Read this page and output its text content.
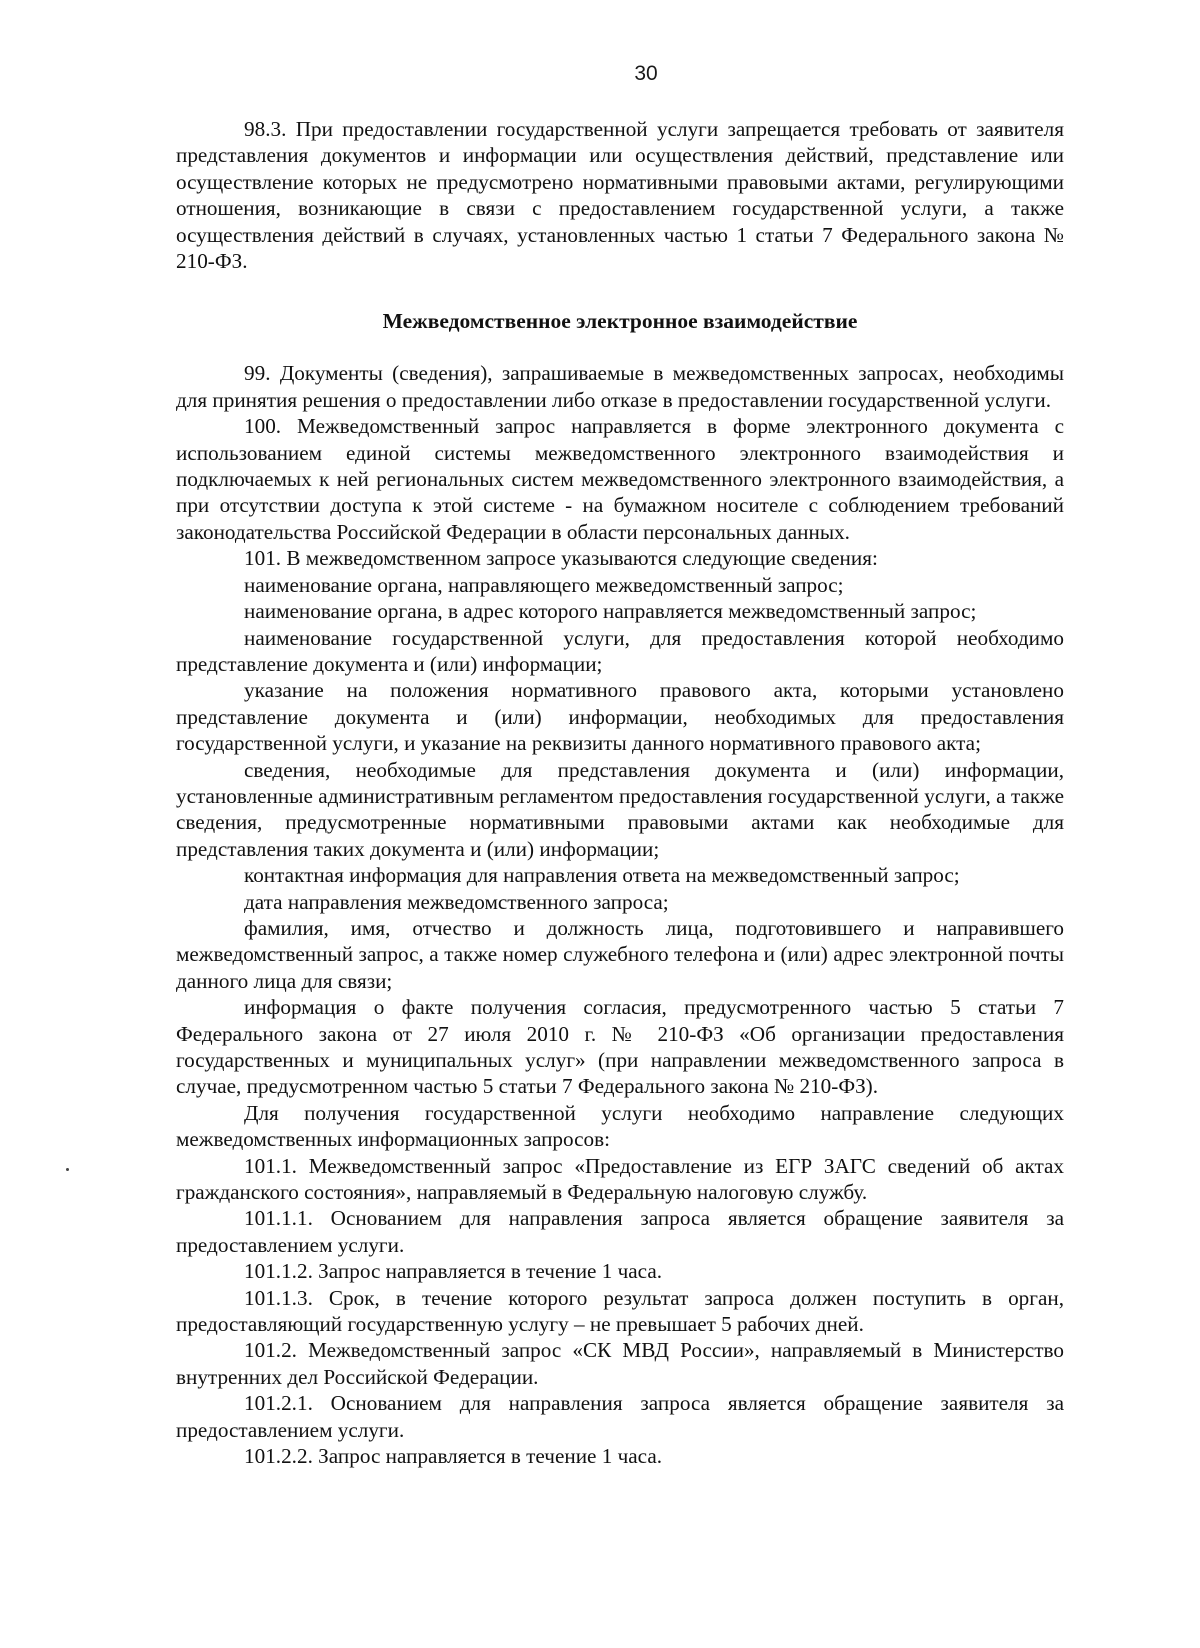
30

98.3. При предоставлении государственной услуги запрещается требовать от заявителя представления документов и информации или осуществления действий, представление или осуществление которых не предусмотрено нормативными правовыми актами, регулирующими отношения, возникающие в связи с предоставлением государственной услуги, а также осуществления действий в случаях, установленных частью 1 статьи 7 Федерального закона № 210-ФЗ.

Межведомственное электронное взаимодействие

99. Документы (сведения), запрашиваемые в межведомственных запросах, необходимы для принятия решения о предоставлении либо отказе в предоставлении государственной услуги.

100. Межведомственный запрос направляется в форме электронного документа с использованием единой системы межведомственного электронного взаимодействия и подключаемых к ней региональных систем межведомственного электронного взаимодействия, а при отсутствии доступа к этой системе - на бумажном носителе с соблюдением требований законодательства Российской Федерации в области персональных данных.

101. В межведомственном запросе указываются следующие сведения:

наименование органа, направляющего межведомственный запрос;

наименование органа, в адрес которого направляется межведомственный запрос;

наименование государственной услуги, для предоставления которой необходимо представление документа и (или) информации;

указание на положения нормативного правового акта, которыми установлено представление документа и (или) информации, необходимых для предоставления государственной услуги, и указание на реквизиты данного нормативного правового акта;

сведения, необходимые для представления документа и (или) информации, установленные административным регламентом предоставления государственной услуги, а также сведения, предусмотренные нормативными правовыми актами как необходимые для представления таких документа и (или) информации;

контактная информация для направления ответа на межведомственный запрос;

дата направления межведомственного запроса;

фамилия, имя, отчество и должность лица, подготовившего и направившего межведомственный запрос, а также номер служебного телефона и (или) адрес электронной почты данного лица для связи;

информация о факте получения согласия, предусмотренного частью 5 статьи 7 Федерального закона от 27 июля 2010 г. № 210-ФЗ «Об организации предоставления государственных и муниципальных услуг» (при направлении межведомственного запроса в случае, предусмотренном частью 5 статьи 7 Федерального закона № 210-ФЗ).

Для получения государственной услуги необходимо направление следующих межведомственных информационных запросов:

101.1. Межведомственный запрос «Предоставление из ЕГР ЗАГС сведений об актах гражданского состояния», направляемый в Федеральную налоговую службу.

101.1.1. Основанием для направления запроса является обращение заявителя за предоставлением услуги.

101.1.2. Запрос направляется в течение 1 часа.

101.1.3. Срок, в течение которого результат запроса должен поступить в орган, предоставляющий государственную услугу – не превышает 5 рабочих дней.

101.2. Межведомственный запрос «СК МВД России», направляемый в Министерство внутренних дел Российской Федерации.

101.2.1. Основанием для направления запроса является обращение заявителя за предоставлением услуги.

101.2.2. Запрос направляется в течение 1 часа.
